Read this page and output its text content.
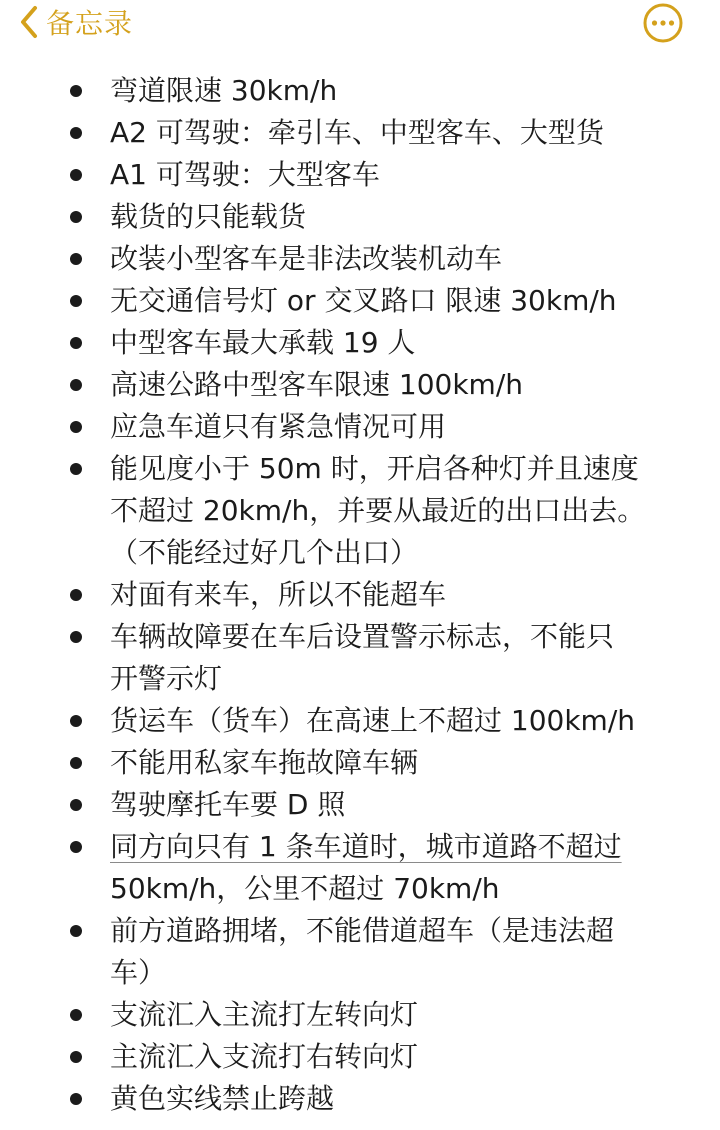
备忘录
弯道限速 30km/h
A2 可驾驶：牵引车、中型客车、大型货
A1 可驾驶：大型客车
载货的只能载货
改装小型客车是非法改装机动车
无交通信号灯 or 交叉路口 限速 30km/h
中型客车最大承载 19 人
高速公路中型客车限速 100km/h
应急车道只有紧急情况可用
能见度小于 50m 时，开启各种灯并且速度
不超过 20km/h，并要从最近的出口出去。
（不能经过好几个出口）
对面有来车，所以不能超车
车辆故障要在车后设置警示标志，不能只
开警示灯
货运车（货车）在高速上不超过 100km/h
不能用私家车拖故障车辆
驾驶摩托车要 D 照
同方向只有 1 条车道时，城市道路不超过
50km/h，公里不超过 70km/h
前方道路拥堵，不能借道超车（是违法超
车）
支流汇入主流打左转向灯
主流汇入支流打右转向灯
黄色实线禁止跨越
